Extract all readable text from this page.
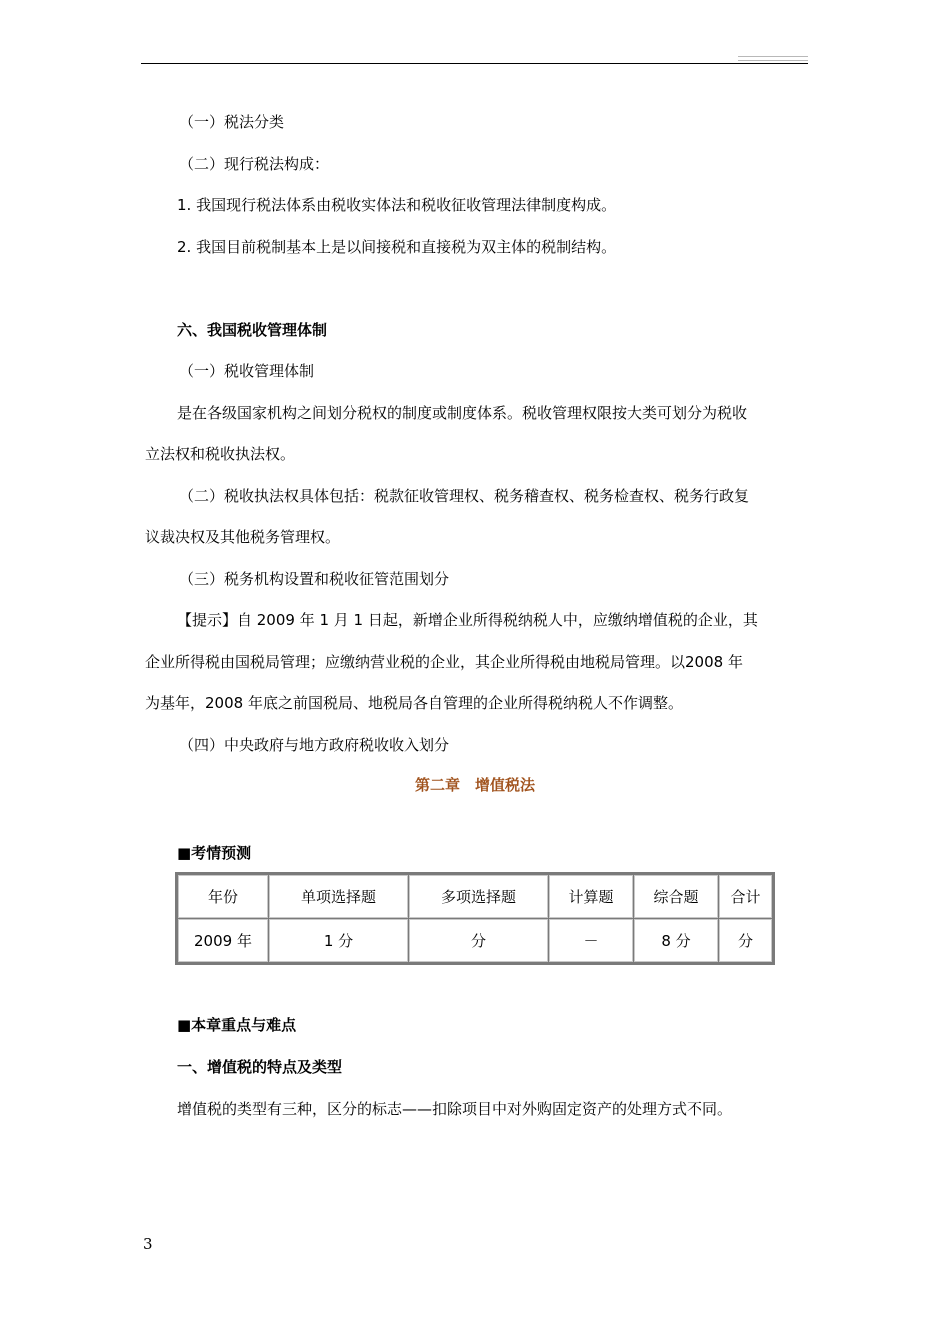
（一）税法分类
（二）现行税法构成：
1. 我国现行税法体系由税收实体法和税收征收管理法律制度构成。
2. 我国目前税制基本上是以间接税和直接税为双主体的税制结构。
六、我国税收管理体制
（一）税收管理体制
是在各级国家机构之间划分税权的制度或制度体系。税收管理权限按大类可划分为税收
立法权和税收执法权。
（二）税收执法权具体包括：税款征收管理权、税务稽查权、税务检查权、税务行政复
议裁决权及其他税务管理权。
（三）税务机构设置和税收征管范围划分
【提示】自 2009 年 1 月 1 日起，新增企业所得税纳税人中，应缴纳增值税的企业，其
企业所得税由国税局管理；应缴纳营业税的企业，其企业所得税由地税局管理。以2008 年
为基年，2008 年底之前国税局、地税局各自管理的企业所得税纳税人不作调整。
（四）中央政府与地方政府税收收入划分
第二章　增值税法
■考情预测
年份	单项选择题	多项选择题	计算题	综合题	合计
2009 年	1 分	分	－	8 分	分
■本章重点与难点
一、增值税的特点及类型
增值税的类型有三种，区分的标志——扣除项目中对外购固定资产的处理方式不同。
3
